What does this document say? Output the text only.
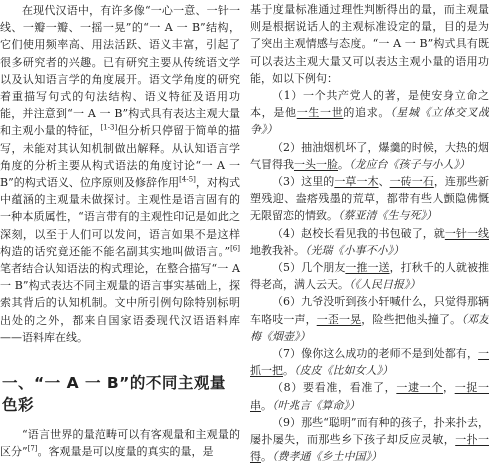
在现代汉语中，有许多像“一心一意、一针一线、一瓣一瓣、一摇一晃”的“一 A 一 B”结构，它们使用频率高、用法活跃、语义丰富，引起了很多研究者的兴趣。已有研究主要从传统语文学以及认知语言学的角度展开。语文学角度的研究着重描写句式的句法结构、语义特征及语用功能，并注意到“一 A 一 B”构式具有表达主观大量和主观小量的特征，[1-3]但分析只停留于简单的描写，未能对其认知机制做出解释。从认知语言学角度的分析主要从构式语法的角度讨论“一 A 一 B”的构式语义、位序原则及修辞作用[4-5]，对构式中蕴涵的主观量未做探讨。主观性是语言固有的一种本质属性，“语言带有的主观性印记是如此之深刻，以至于人们可以发问，语言如果不是这样构造的话究竟还能不能名副其实地叫做语言。”[6]笔者结合认知语法的构式理论，在整合描写“一 A 一 B”构式表达不同主观量的语言事实基础上，探索其背后的认知机制。文中所引例句除特别标明出处的之外，都来自国家语委现代汉语语料库——语料库在线。

一、“一 A 一 B”的不同主观量色彩

“语言世界的量范畴可以有客观量和主观量的区分”[7]。客观量是可以度量的真实的量，是

基于度量标准通过理性判断得出的量，而主观量则是根据说话人的主观标准设定的量，目的是为了突出主观情感与态度。“一 A 一 B”构式具有既可以表达主观大量又可以表达主观小量的语用功能，如以下例句：

（1）一个共产党人的著，是使安身立命之本，是他一生一世的追求。（星城《立体交叉战争》）

（2）抽油烟机坏了，爆羹的时候，大热的烟气冒得我一头一脸。（龙应台《孩子与小人》）

（3）这里的一草一木、一砖一石，连那些新塑残迎、盎瘩残墨的荒草，都带有些人颤隐佛慨无限留恋的情致。（蔡亚清《生与死》）

（4）赵校长看见我的书包破了，就一针一线地教我补。（光瑞《小事不小》）

（5）几个朋友一推一送，打秋千的人就被推得老高，满人云天。（《人民日报》）

（6）九爷没听到孩小轩喊什么，只觉得那辆车咯吱一声，一歪一晃，险些把他头撞了。（邓友梅《烟壶》）

（7）像你这么成功的老师不是到处都有，一抓一把。（皮皮《比如女人》）

（8）要看准，看准了，一逮一个，一捉一串。（叶兆言《算命》）

（9）那些“聪明”而有种的孩子，扑来扑去，屡扑屡失，而那些乡下孩子却反应灵敏，一扑一得。（费孝通《乡土中国》）
